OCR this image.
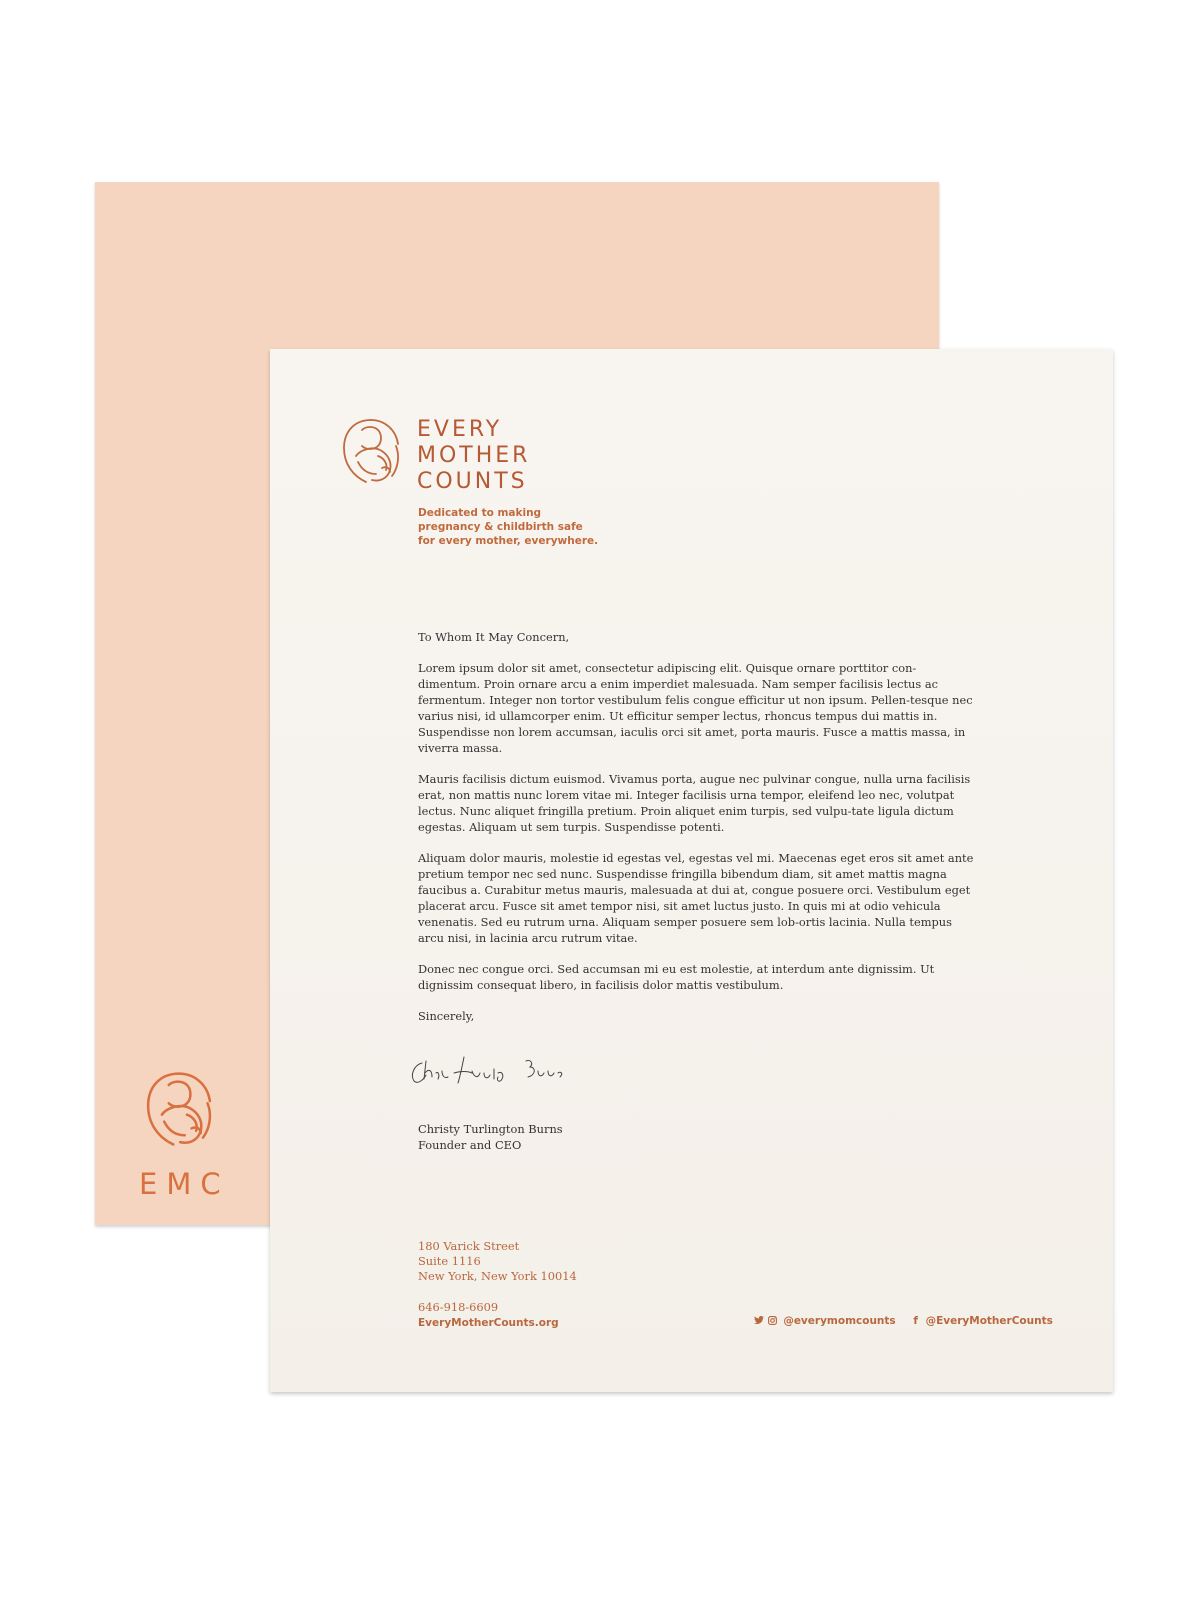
EMC
EVERY
MOTHER
COUNTS
Dedicated to making
pregnancy & childbirth safe
for every mother, everywhere.

To Whom It May Concern,

Lorem ipsum dolor sit amet, consectetur adipiscing elit. Quisque ornare porttitor con-dimentum. Proin ornare arcu a enim imperdiet malesuada. Nam semper facilisis lectus ac fermentum. Integer non tortor vestibulum felis congue efficitur ut non ipsum. Pellen-tesque nec varius nisi, id ullamcorper enim. Ut efficitur semper lectus, rhoncus tempus dui mattis in. Suspendisse non lorem accumsan, iaculis orci sit amet, porta mauris. Fusce a mattis massa, in viverra massa.

Mauris facilisis dictum euismod. Vivamus porta, augue nec pulvinar congue, nulla urna facilisis erat, non mattis nunc lorem vitae mi. Integer facilisis urna tempor, eleifend leo nec, volutpat lectus. Nunc aliquet fringilla pretium. Proin aliquet enim turpis, sed vulpu-tate ligula dictum egestas. Aliquam ut sem turpis. Suspendisse potenti.

Aliquam dolor mauris, molestie id egestas vel, egestas vel mi. Maecenas eget eros sit amet ante pretium tempor nec sed nunc. Suspendisse fringilla bibendum diam, sit amet mattis magna faucibus a. Curabitur metus mauris, malesuada at dui at, congue posuere orci. Vestibulum eget placerat arcu. Fusce sit amet tempor nisi, sit amet luctus justo. In quis mi at odio vehicula venenatis. Sed eu rutrum urna. Aliquam semper posuere sem lob-ortis lacinia. Nulla tempus arcu nisi, in lacinia arcu rutrum vitae.

Donec nec congue orci. Sed accumsan mi eu est molestie, at interdum ante dignissim. Ut dignissim consequat libero, in facilisis dolor mattis vestibulum.

Sincerely,

Christy Turlington Burns
Founder and CEO
180 Varick Street
Suite 1116
New York, New York 10014
646-918-6609
EveryMotherCounts.org	@everymomcounts f @EveryMotherCounts
